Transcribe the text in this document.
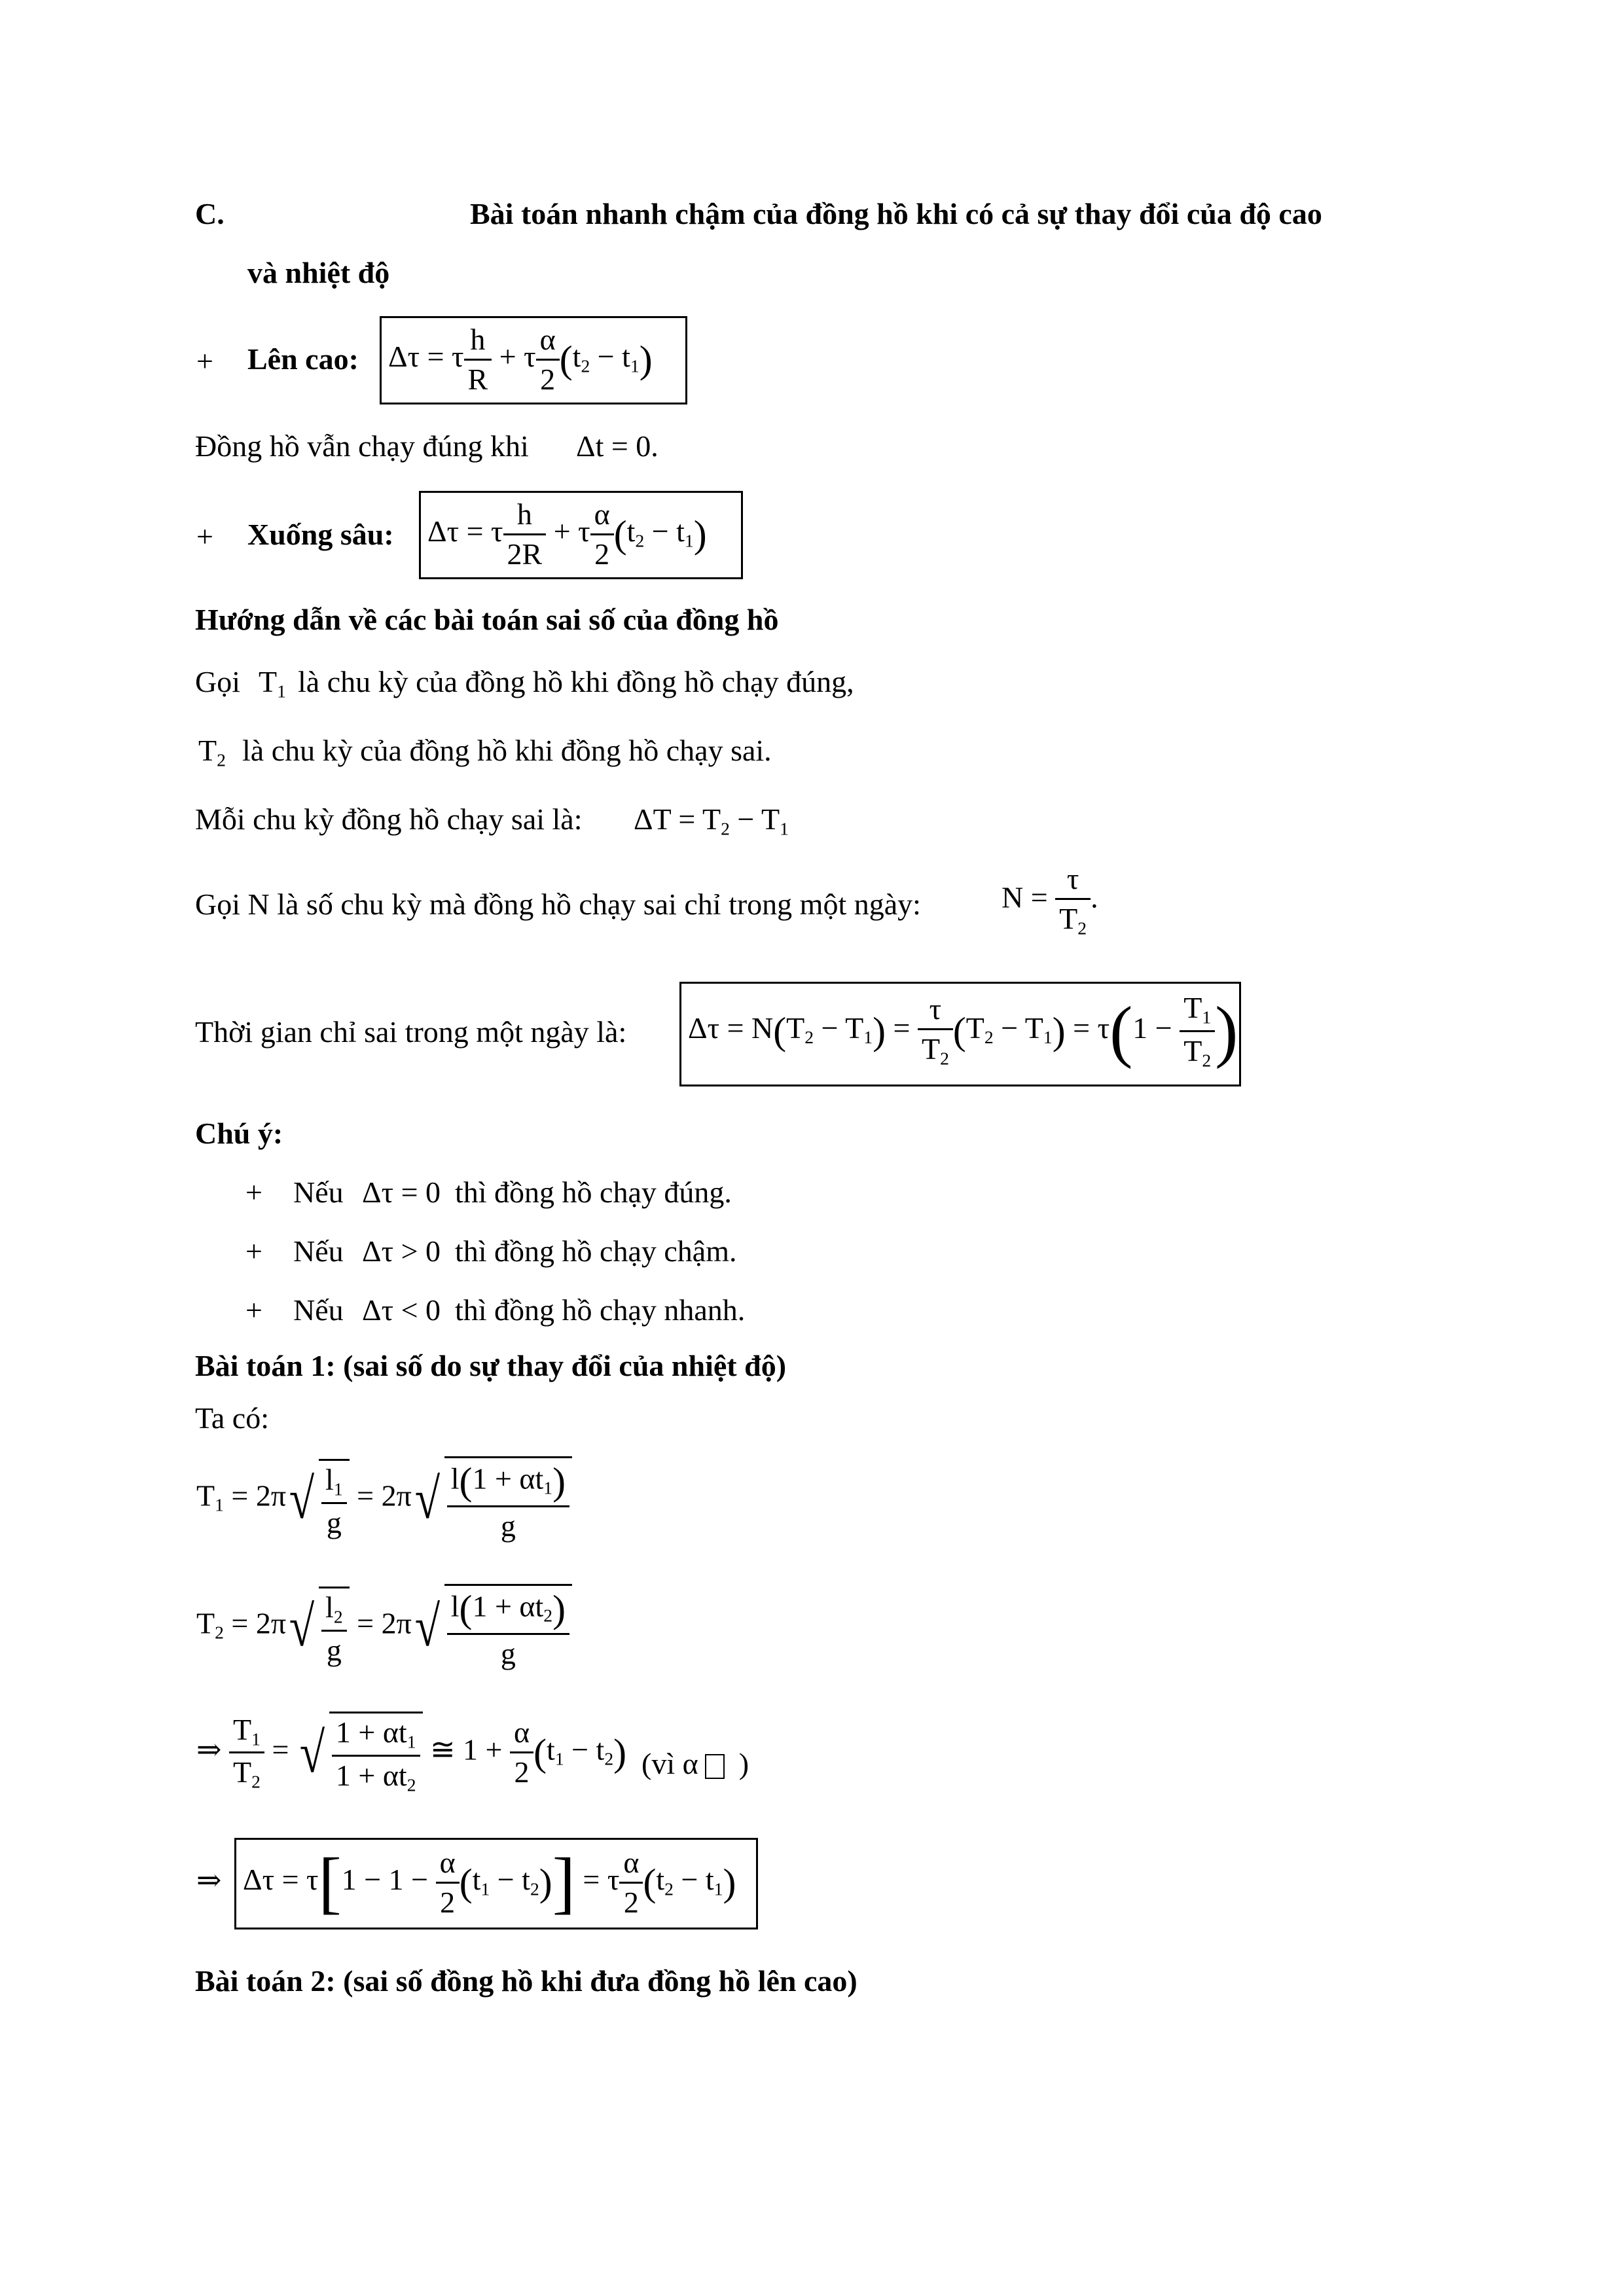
C.	Bài toán nhanh chậm của đồng hồ khi có cả sự thay đổi của độ cao
và nhiệt độ
+ Lên cao: Δτ = τ $\frac{h}{R} + \tau \frac{\alpha}{2} (t_2 - t_1)$
Đồng hồ vẫn chạy đúng khi Δt = 0.
+ Xuống sâu: Δτ = τ $\frac{h}{2R} + \tau \frac{\alpha}{2} (t_2 - t_1)$
Hướng dẫn về các bài toán sai số của đồng hồ
Gọi $T_1$ là chu kỳ của đồng hồ khi đồng hồ chạy đúng,
$T_2$ là chu kỳ của đồng hồ khi đồng hồ chạy sai.
Mỗi chu kỳ đồng hồ chạy sai là: $\Delta T = T_2 - T_1$
Gọi N là số chu kỳ mà đồng hồ chạy sai chỉ trong một ngày:	$N = \frac{\tau}{T_2}$ .
Thời gian chỉ sai trong một ngày là: $\Delta\tau = N(T_2 - T_1) = \frac{\tau}{T_2} (T_2 - T_1) = \tau(1 - \frac{T_1}{T_2}$ )
Chú ý:
+ Nếu Δτ = 0 thì đồng hồ chạy đúng.
+ Nếu Δτ > 0 thì đồng hồ chạy chậm.
+ Nếu Δτ < 0 thì đồng hồ chạy nhanh.
Bài toán 1: (sai số do sự thay đổi của nhiệt độ)
Ta có:
$T_1 = 2\pi√ \frac{l_1}{g} = 2\pi√ \frac{l(1 + \alpha t_1)}{g}$
$T_2 = 2\pi√ \frac{l_2}{g} = 2\pi√ \frac{l(1 + \alpha t_2)}{g}$
⇒ $\frac{T_1}{T_2}$ = √ $\frac{1 + \alpha t_1}{1 + \alpha t_2}$ ≅ $1 + \frac{\alpha}{2} (t_1 - t_2)$ (vì α )
⇒ $\Delta\tau = \tau[1 - 1 - \frac{\alpha}{2} (t_1 - t_2)] = \tau \frac{\alpha}{2} (t_2 - t_1)$
Bài toán 2: (sai số đồng hồ khi đưa đồng hồ lên cao)
